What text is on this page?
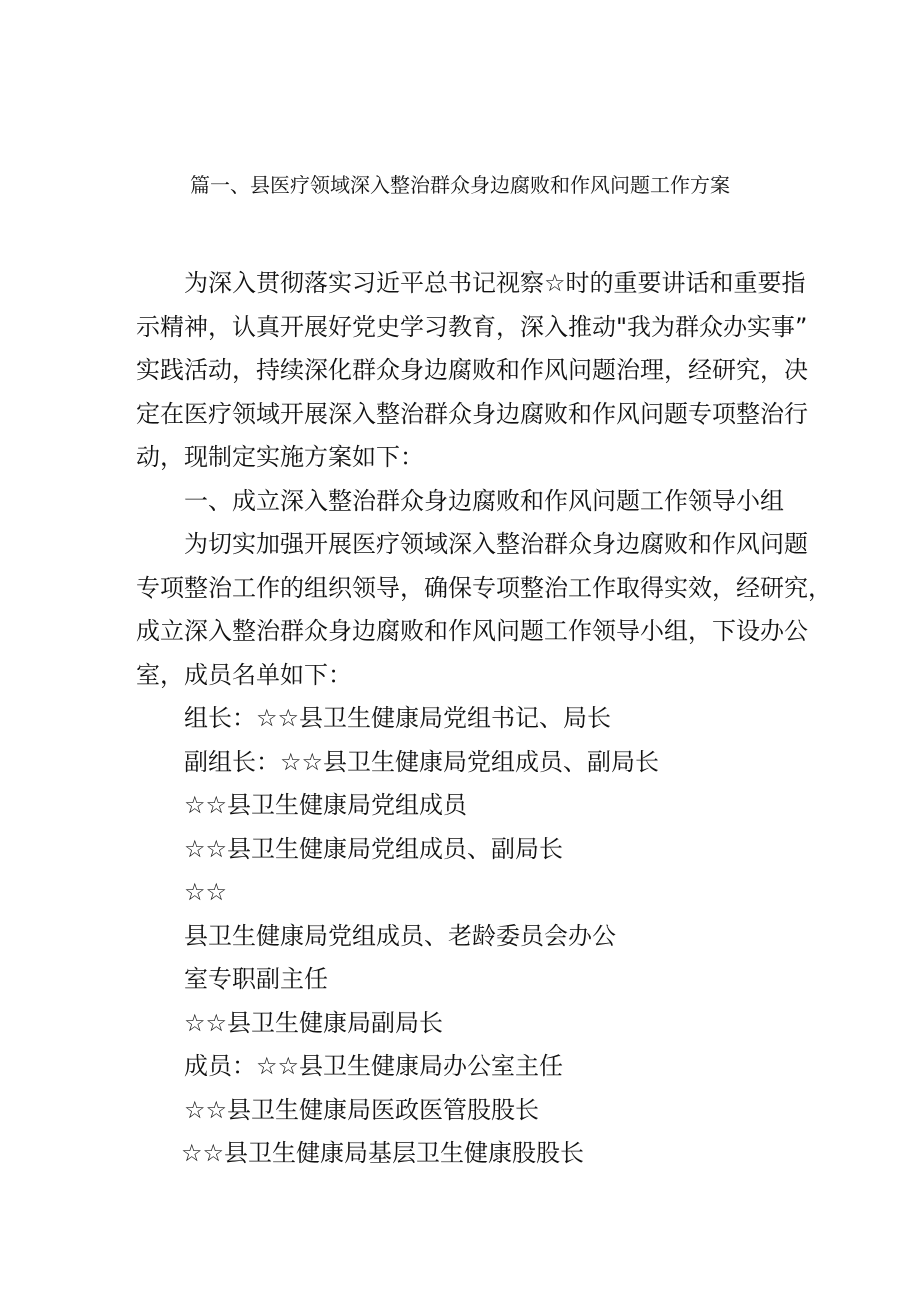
篇一、县医疗领域深入整治群众身边腐败和作风问题工作方案
为深入贯彻落实习近平总书记视察☆时的重要讲话和重要指
示精神，认真开展好党史学习教育，深入推动"我为群众办实事”
实践活动，持续深化群众身边腐败和作风问题治理，经研究，决
定在医疗领域开展深入整治群众身边腐败和作风问题专项整治行
动，现制定实施方案如下：
一、成立深入整治群众身边腐败和作风问题工作领导小组
为切实加强开展医疗领域深入整治群众身边腐败和作风问题
专项整治工作的组织领导，确保专项整治工作取得实效，经研究，
成立深入整治群众身边腐败和作风问题工作领导小组，下设办公
室，成员名单如下：
组长：☆☆县卫生健康局党组书记、局长
副组长：☆☆县卫生健康局党组成员、副局长
☆☆县卫生健康局党组成员
☆☆县卫生健康局党组成员、副局长
☆☆
县卫生健康局党组成员、老龄委员会办公
室专职副主任
☆☆县卫生健康局副局长
成员：☆☆县卫生健康局办公室主任
☆☆县卫生健康局医政医管股股长
☆☆县卫生健康局基层卫生健康股股长
